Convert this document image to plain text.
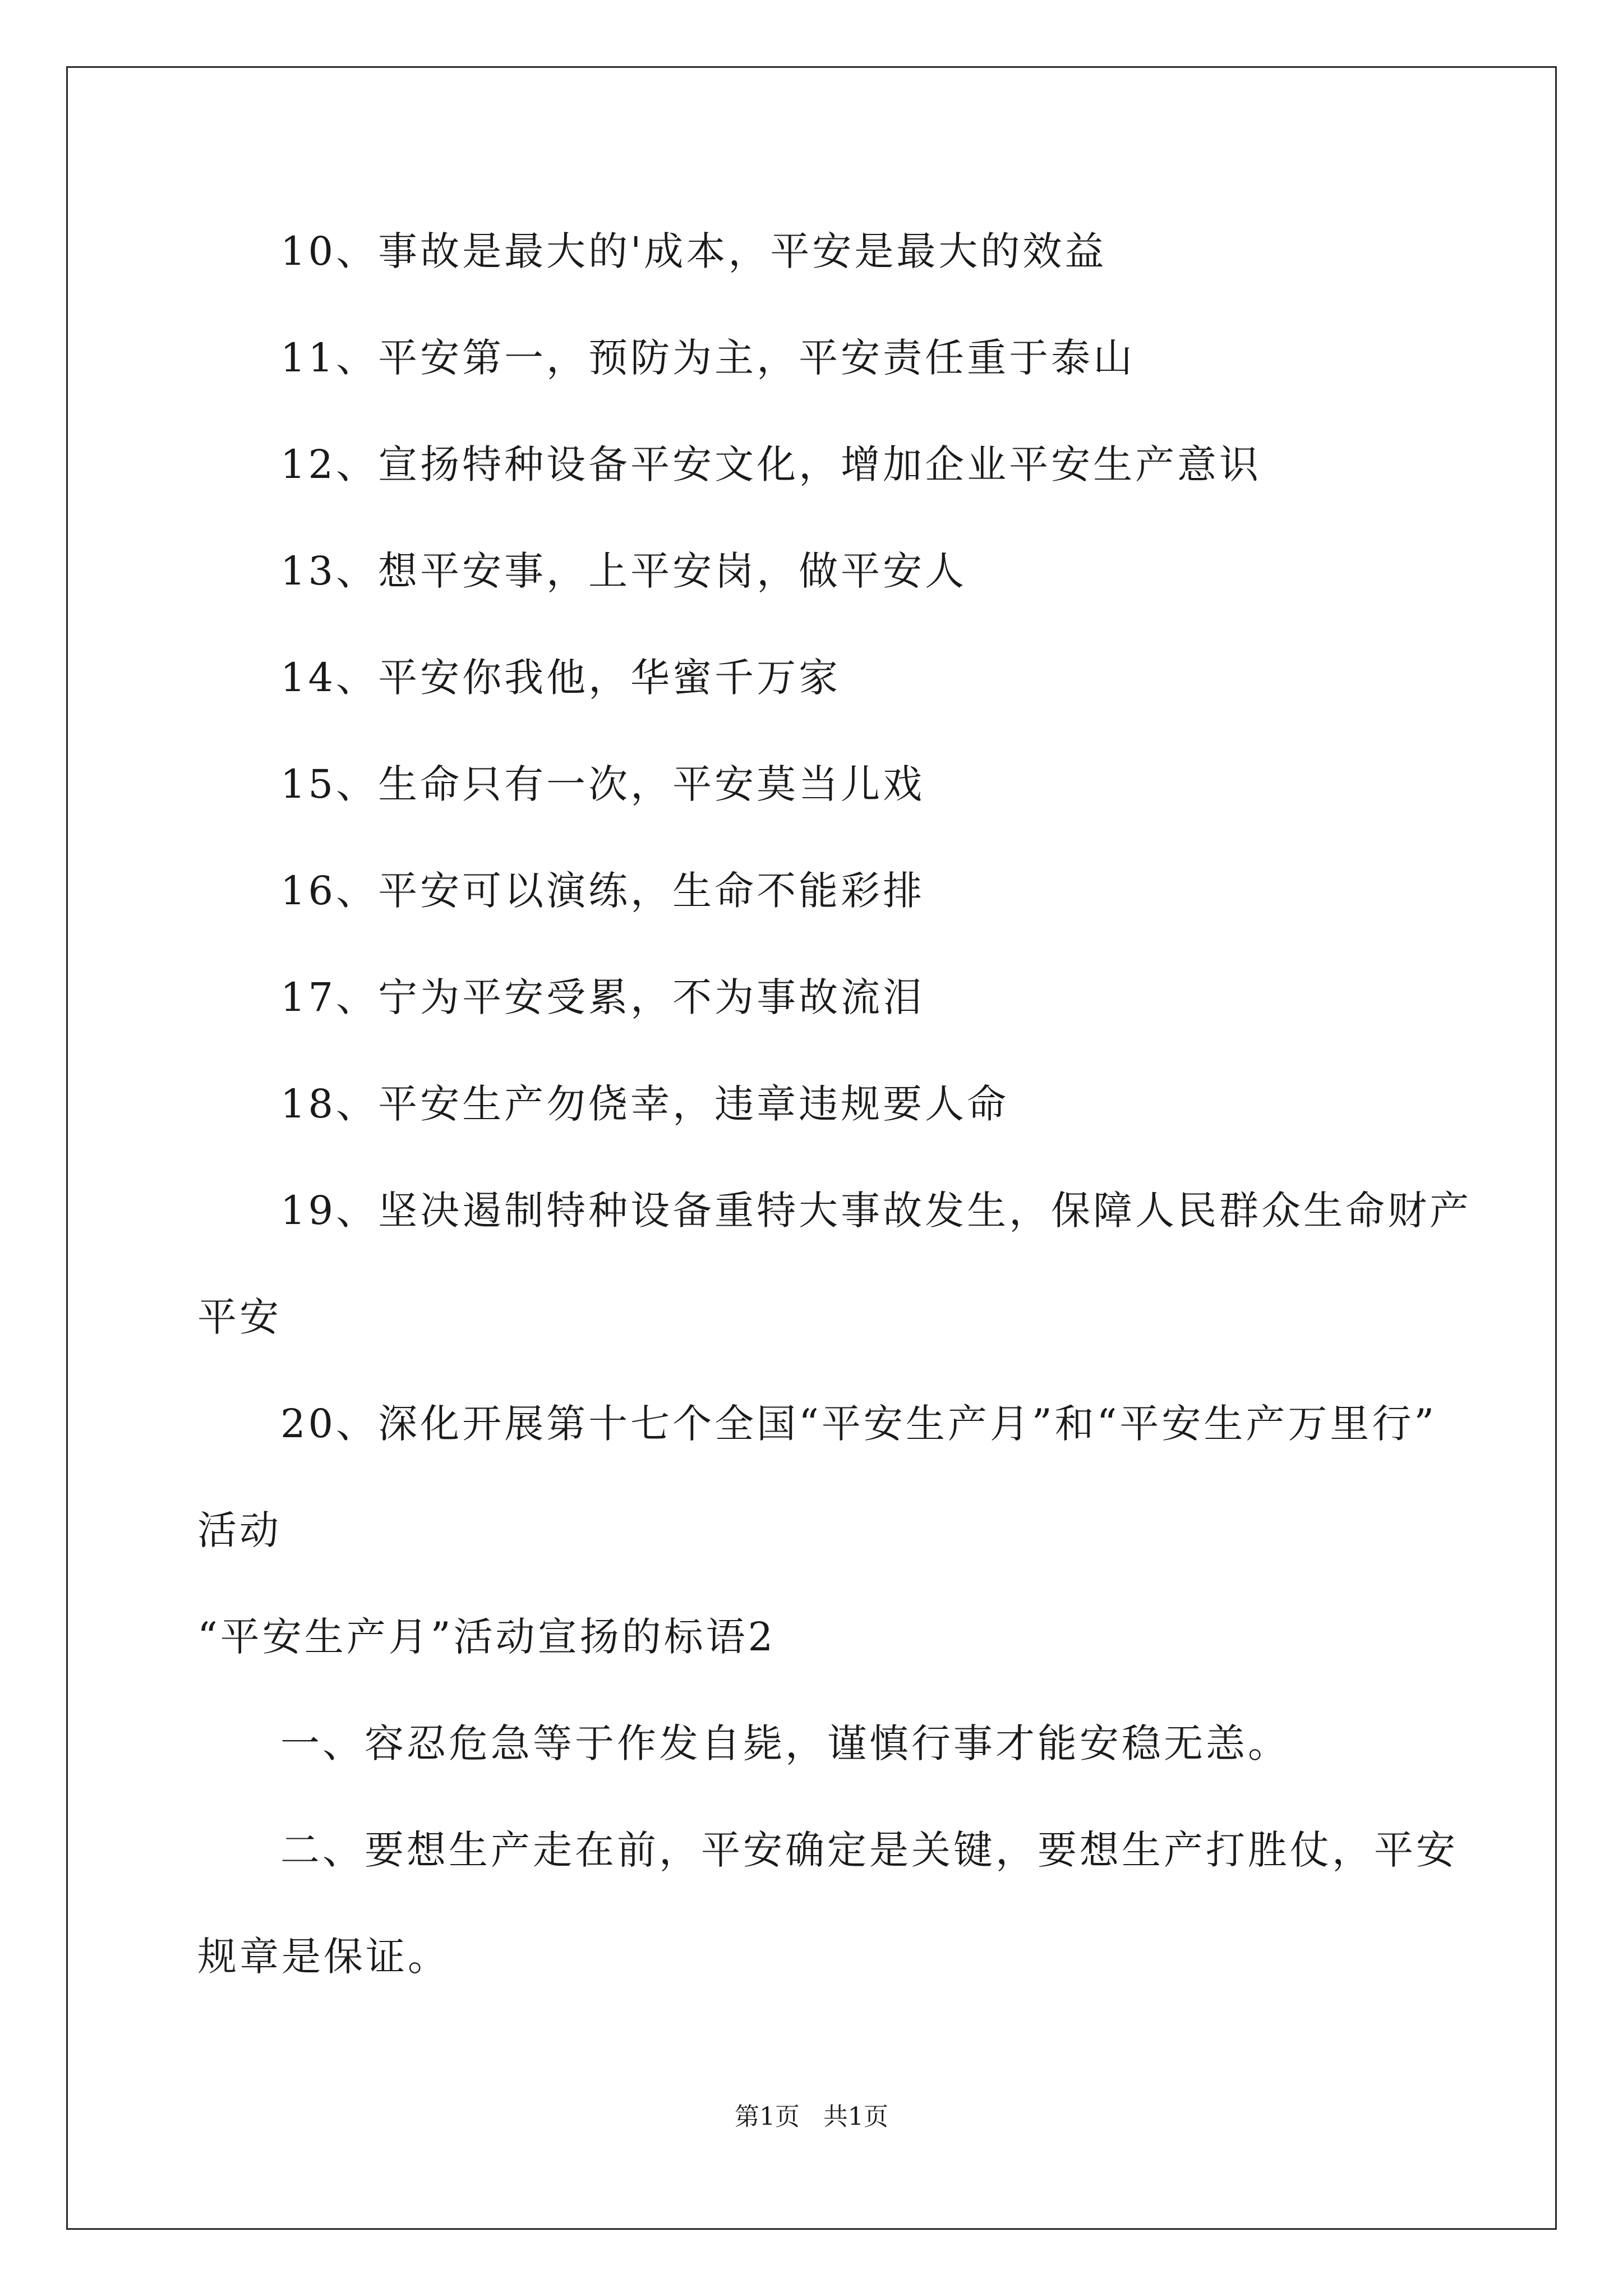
10、事故是最大的'成本，平安是最大的效益
11、平安第一，预防为主，平安责任重于泰山
12、宣扬特种设备平安文化，增加企业平安生产意识
13、想平安事，上平安岗，做平安人
14、平安你我他，华蜜千万家
15、生命只有一次，平安莫当儿戏
16、平安可以演练，生命不能彩排
17、宁为平安受累，不为事故流泪
18、平安生产勿侥幸，违章违规要人命
19、坚决遏制特种设备重特大事故发生，保障人民群众生命财产
平安
20、深化开展第十七个全国“平安生产月”和“平安生产万里行”
活动
“平安生产月”活动宣扬的标语2
一、容忍危急等于作发自毙，谨慎行事才能安稳无恙。
二、要想生产走在前，平安确定是关键，要想生产打胜仗，平安
规章是保证。
第1页   共1页
